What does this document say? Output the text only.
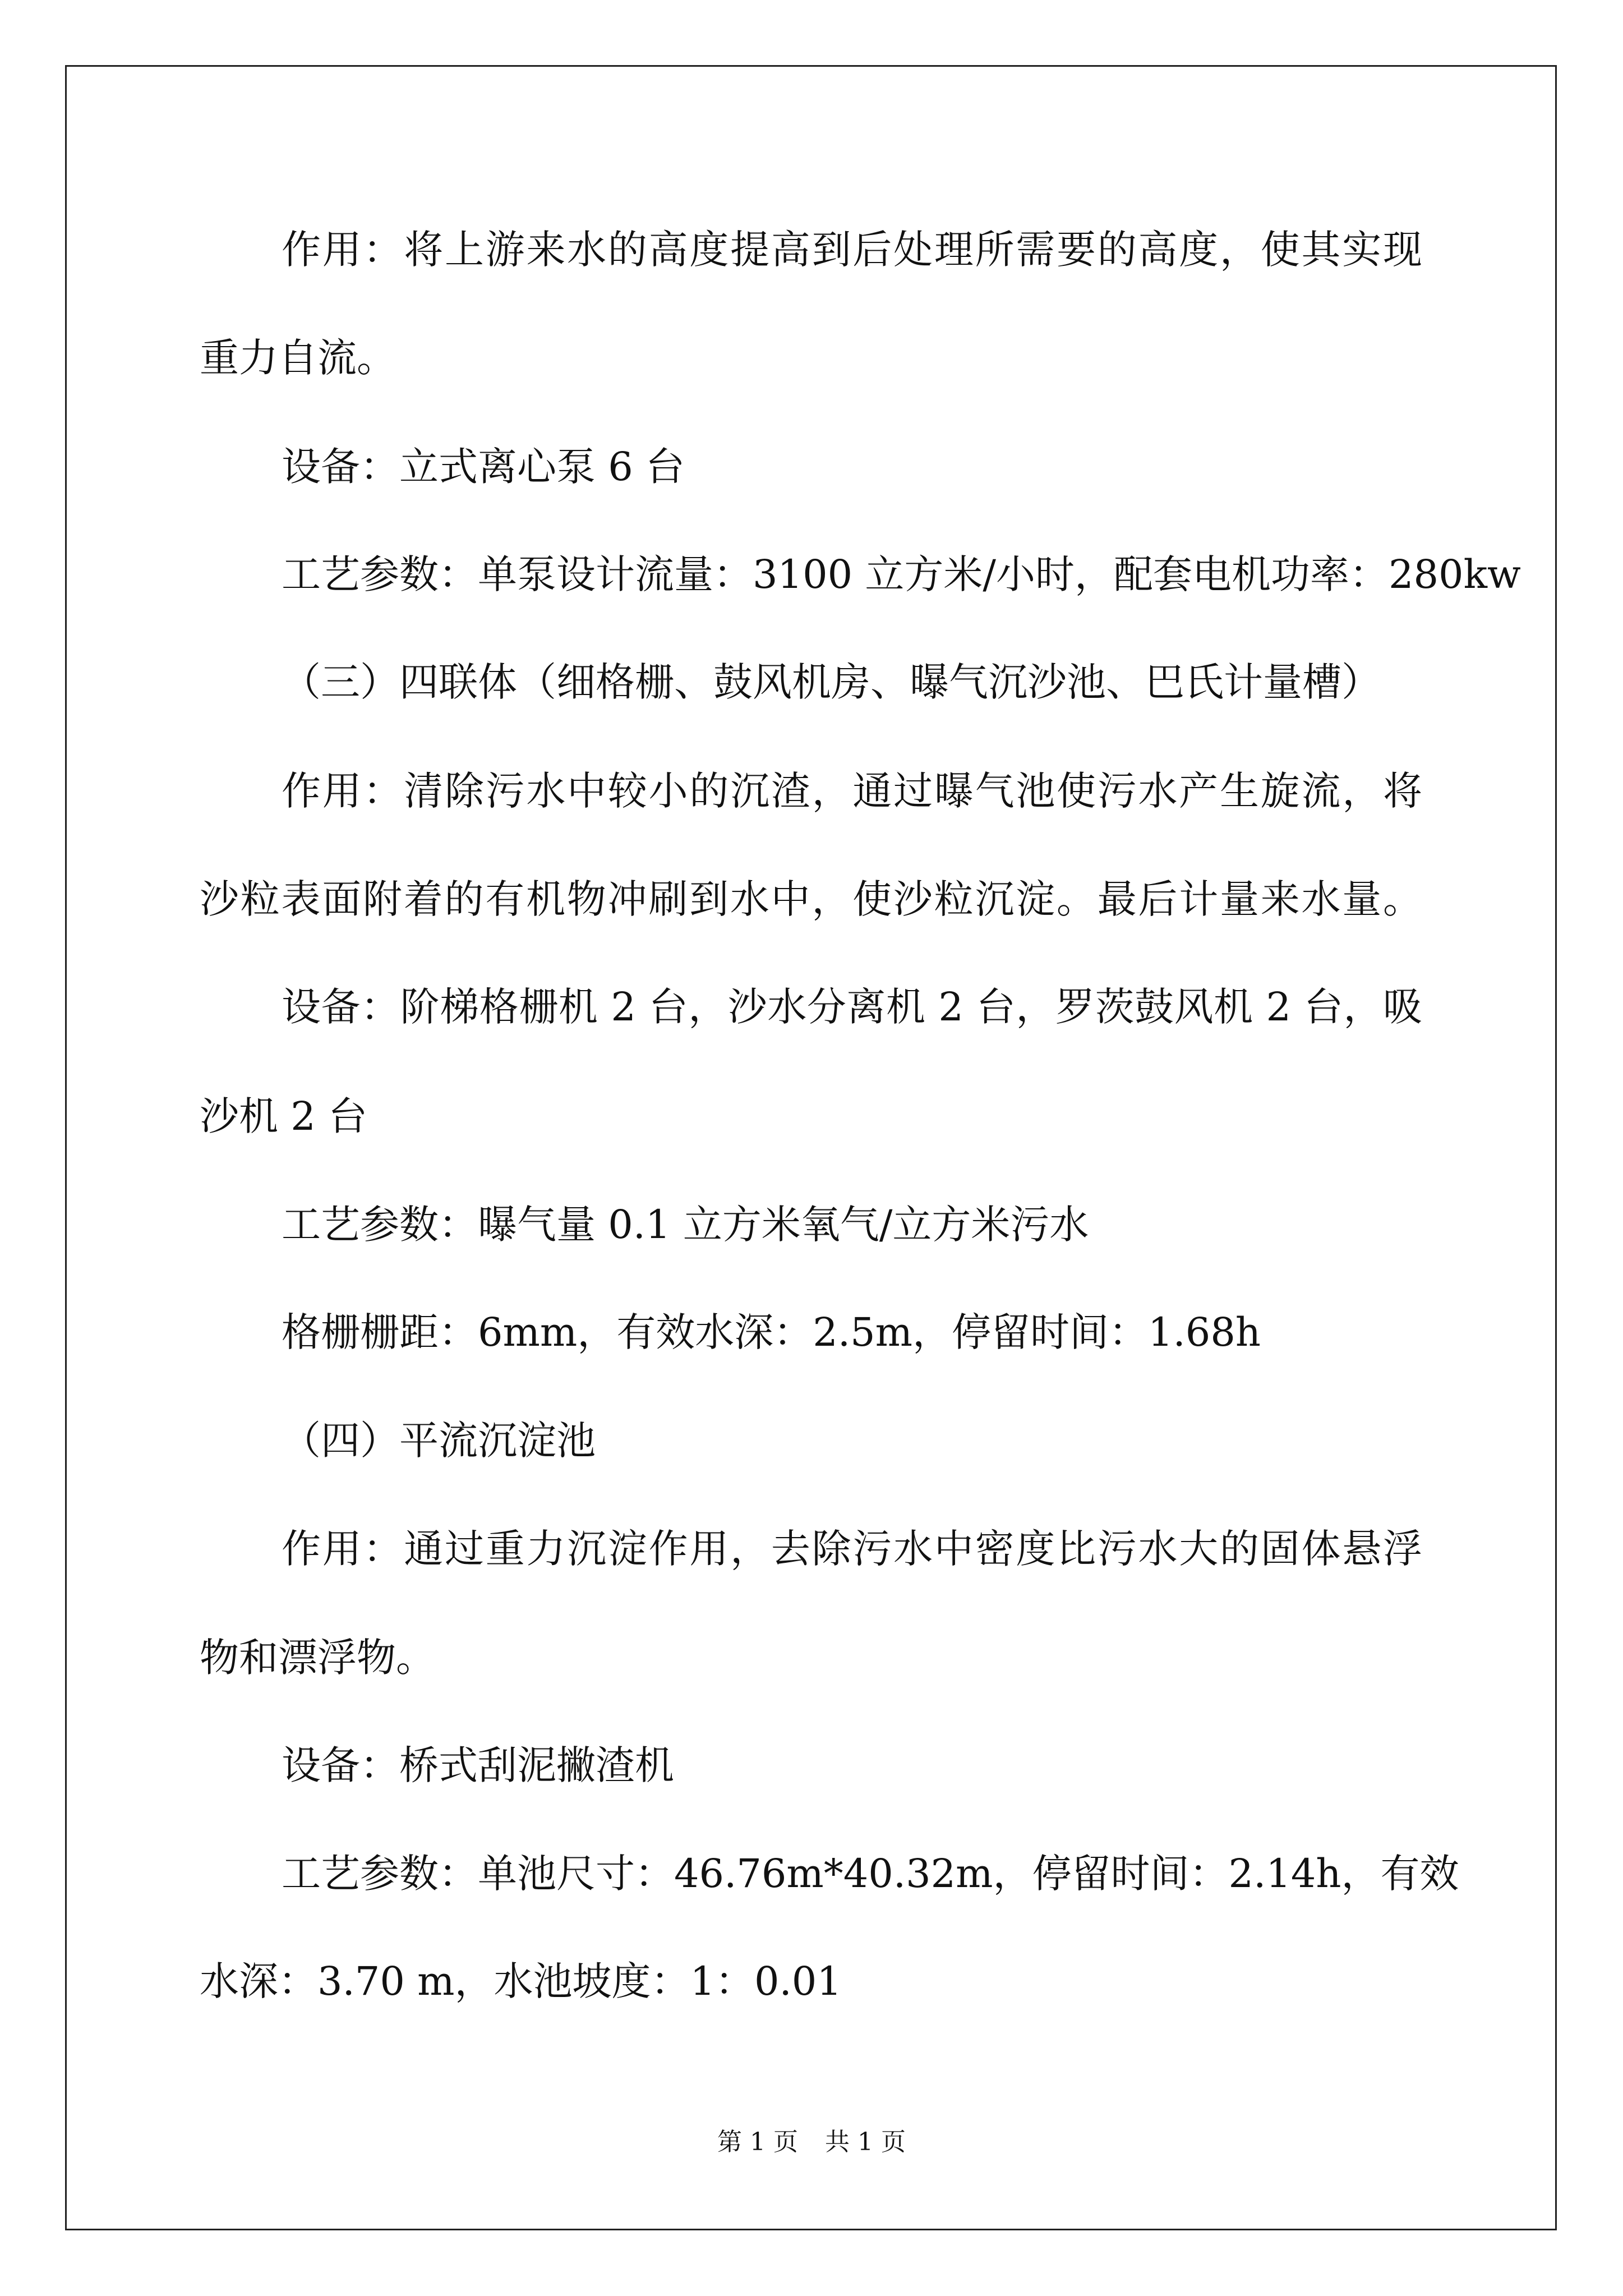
作用：将上游来水的高度提高到后处理所需要的高度，使其实现
重力自流。
设备：立式离心泵 6 台
工艺参数：单泵设计流量：3100 立方米/小时，配套电机功率：280kw
（三）四联体（细格栅、鼓风机房、曝气沉沙池、巴氏计量槽）
作用：清除污水中较小的沉渣，通过曝气池使污水产生旋流，将
沙粒表面附着的有机物冲刷到水中，使沙粒沉淀。最后计量来水量。
设备：阶梯格栅机 2 台，沙水分离机 2 台，罗茨鼓风机 2 台，吸
沙机 2 台
工艺参数：曝气量 0.1 立方米氧气/立方米污水
格栅栅距：6mm，有效水深：2.5m，停留时间：1.68h
（四）平流沉淀池
作用：通过重力沉淀作用，去除污水中密度比污水大的固体悬浮
物和漂浮物。
设备：桥式刮泥撇渣机
工艺参数：单池尺寸：46.76m*40.32m，停留时间：2.14h，有效
水深：3.70 m，水池坡度：1：0.01
第 1 页 共 1 页
